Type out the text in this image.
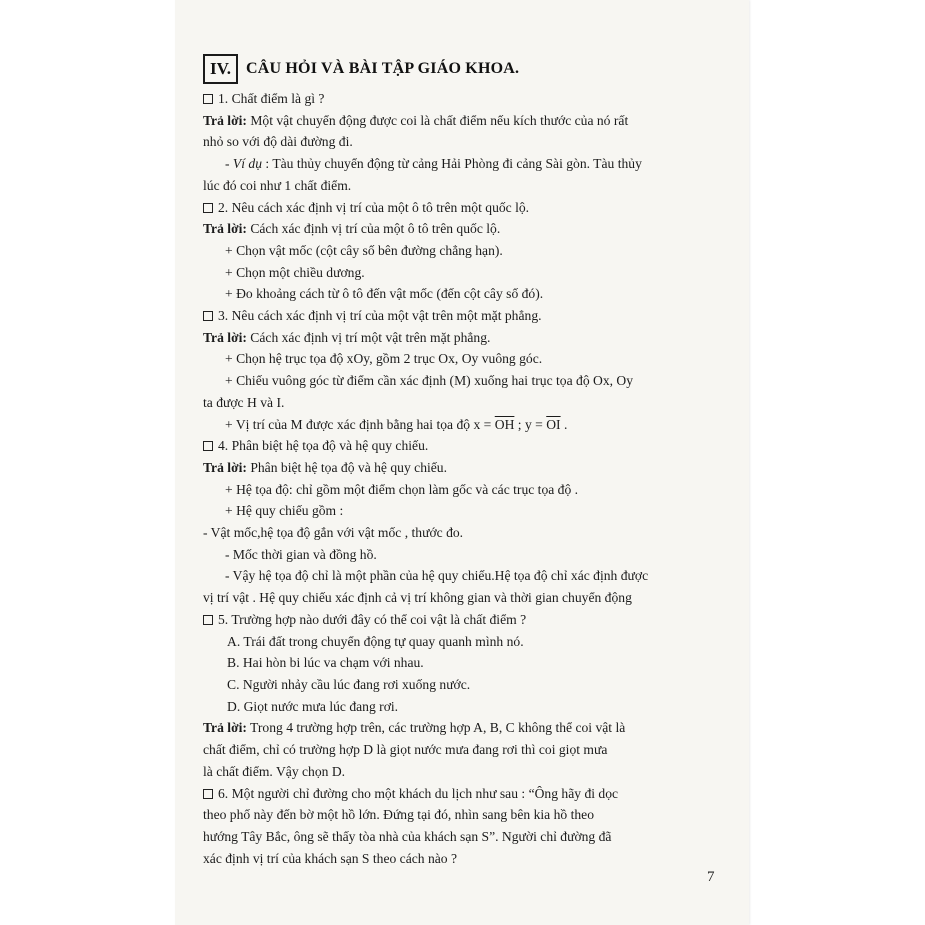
IV. CÂU HỎI VÀ BÀI TẬP GIÁO KHOA.
1. Chất điểm là gì ?
Trả lời: Một vật chuyển động được coi là chất điểm nếu kích thước của nó rất
nhỏ so với độ dài đường đi.
- Ví dụ : Tàu thủy chuyển động từ cảng Hải Phòng đi cảng Sài gòn. Tàu thủy
lúc đó coi như 1 chất điểm.
2. Nêu cách xác định vị trí của một ô tô trên một quốc lộ.
Trả lời: Cách xác định vị trí của một ô tô trên quốc lộ.
+ Chọn vật mốc (cột cây số bên đường chẳng hạn).
+ Chọn một chiều dương.
+ Đo khoảng cách từ ô tô đến vật mốc (đến cột cây số đó).
3. Nêu cách xác định vị trí của một vật trên một mặt phẳng.
Trả lời: Cách xác định vị trí một vật trên mặt phẳng.
+ Chọn hệ trục tọa độ xOy, gồm 2 trục Ox, Oy vuông góc.
+ Chiếu vuông góc từ điểm cần xác định (M) xuống hai trục tọa độ Ox, Oy
ta được H và I.
+ Vị trí của M được xác định bằng hai tọa độ $x = \overline{OH}$ ; $y = \overline{OI}$ .
4. Phân biệt hệ tọa độ và hệ quy chiếu.
Trả lời: Phân biệt hệ tọa độ và hệ quy chiếu.
+ Hệ tọa độ: chỉ gồm một điểm chọn làm gốc và các trục tọa độ .
+ Hệ quy chiếu gồm :
- Vật mốc,hệ tọa độ gắn với vật mốc , thước đo.
- Mốc thời gian và đồng hồ.
- Vậy hệ tọa độ chỉ là một phần của hệ quy chiếu.Hệ tọa độ chỉ xác định được
vị trí vật . Hệ quy chiếu xác định cả vị trí không gian và thời gian chuyển động
5. Trường hợp nào dưới đây có thể coi vật là chất điểm ?
A. Trái đất trong chuyển động tự quay quanh mình nó.
B. Hai hòn bi lúc va chạm với nhau.
C. Người nhảy cầu lúc đang rơi xuống nước.
D. Giọt nước mưa lúc đang rơi.
Trả lời: Trong 4 trường hợp trên, các trường hợp A, B, C không thể coi vật là
chất điểm, chỉ có trường hợp D là giọt nước mưa đang rơi thì coi giọt mưa
là chất điểm. Vậy chọn D.
6. Một người chỉ đường cho một khách du lịch như sau : “Ông hãy đi dọc
theo phố này đến bờ một hồ lớn. Đứng tại đó, nhìn sang bên kia hồ theo
hướng Tây Bắc, ông sẽ thấy tòa nhà của khách sạn S”. Người chỉ đường đã
xác định vị trí của khách sạn S theo cách nào ?
7
